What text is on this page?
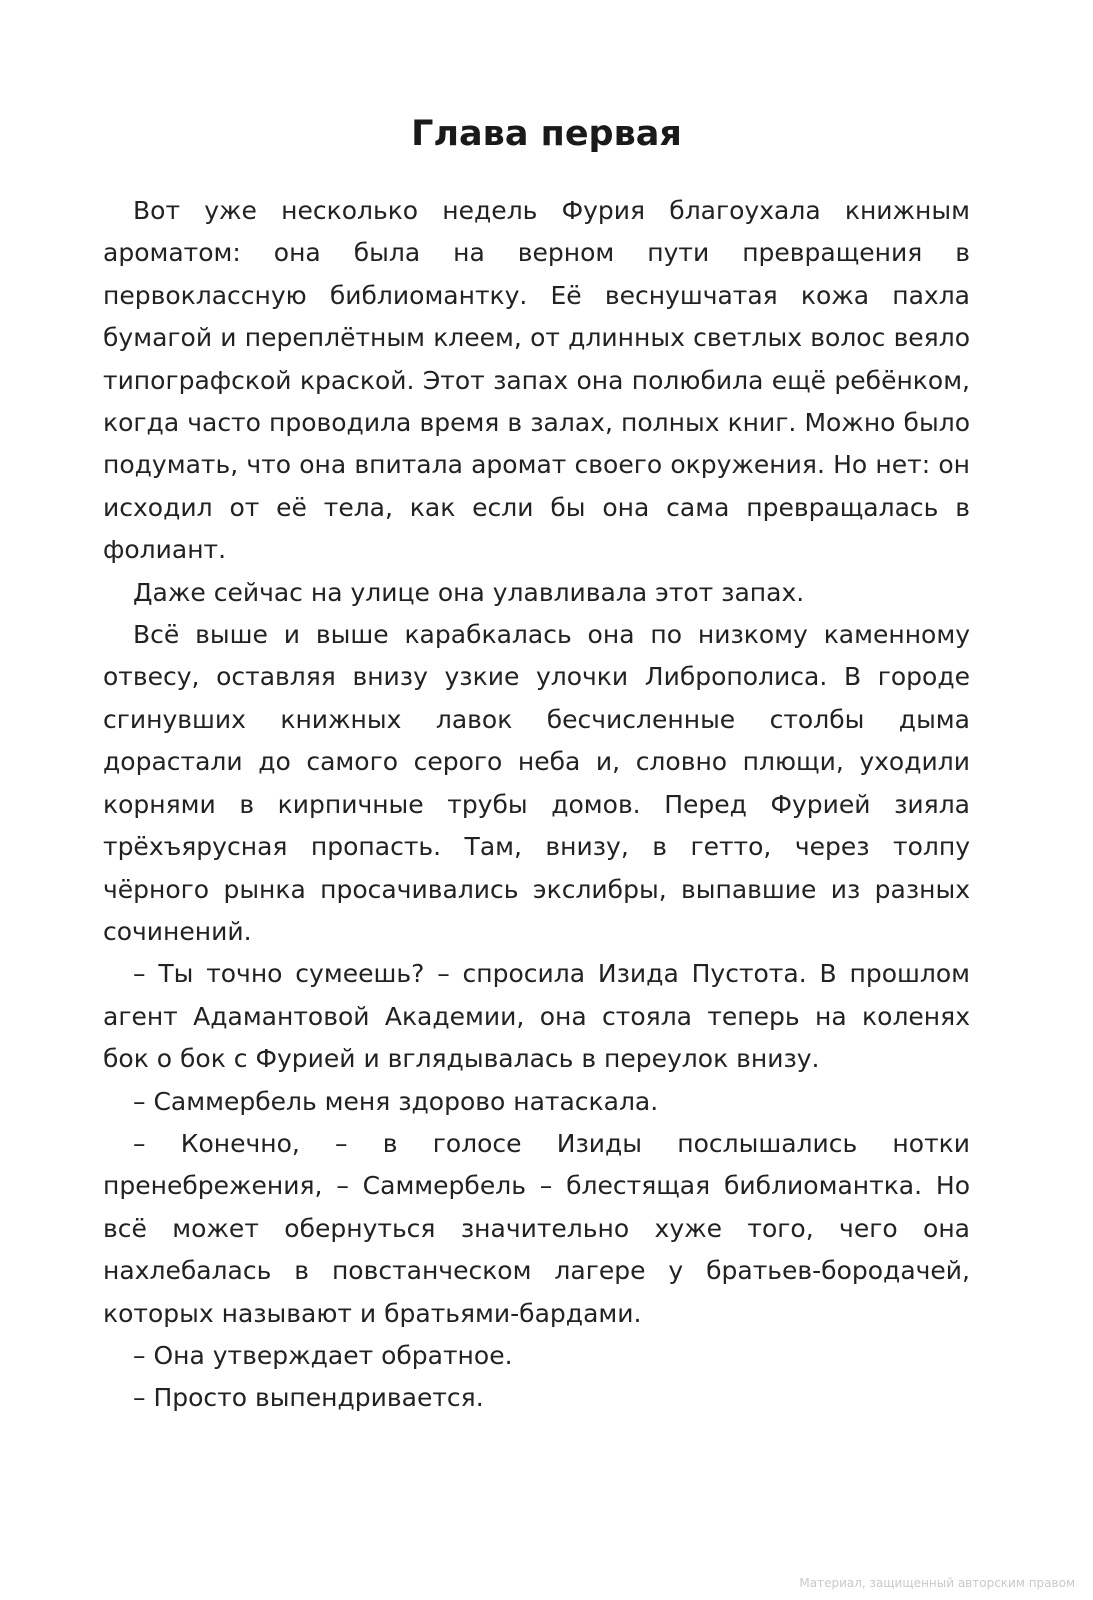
Глава первая

Вот уже несколько недель Фурия благоухала книжным ароматом: она была на верном пути превращения в первоклассную библиомантку. Её веснушчатая кожа пахла бумагой и переплётным клеем, от длинных светлых волос веяло типографской краской. Этот запах она полюбила ещё ребёнком, когда часто проводила время в залах, полных книг. Можно было подумать, что она впитала аромат своего окружения. Но нет: он исходил от её тела, как если бы она сама превращалась в фолиант.

Даже сейчас на улице она улавливала этот запах.

Всё выше и выше карабкалась она по низкому каменному отвесу, оставляя внизу узкие улочки Либрополиса. В городе сгинувших книжных лавок бесчисленные столбы дыма дорастали до самого серого неба и, словно плющи, уходили корнями в кирпичные трубы домов. Перед Фурией зияла трёхъярусная пропасть. Там, внизу, в гетто, через толпу чёрного рынка просачивались экслибры, выпавшие из разных сочинений.

– Ты точно сумеешь? – спросила Изида Пустота. В прошлом агент Адамантовой Академии, она стояла теперь на коленях бок о бок с Фурией и вглядывалась в переулок внизу.

– Саммербель меня здорово натаскала.

– Конечно, – в голосе Изиды послышались нотки пренебрежения, – Саммербель – блестящая библиомантка. Но всё может обернуться значительно хуже того, чего она нахлебалась в повстанческом лагере у братьев-бородачей, которых называют и братьями-бардами.

– Она утверждает обратное.

– Просто выпендривается.

Материал, защищенный авторским правом
